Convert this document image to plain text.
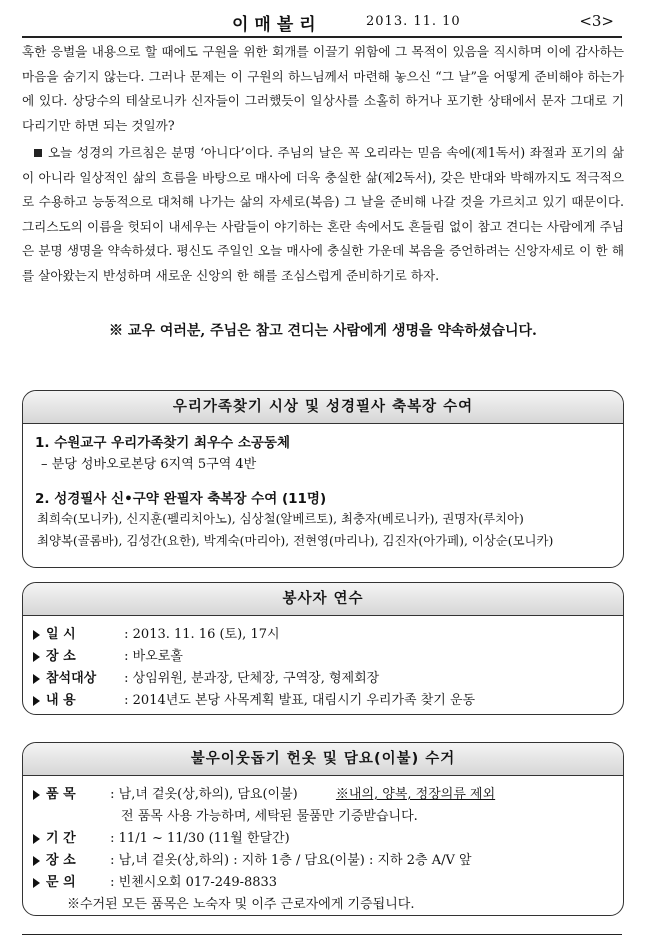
이매볼리	2013. 11. 10	<3>

혹한 응벌을 내용으로 할 때에도 구원을 위한 회개를 이끌기 위함에 그 목적이 있음을 직시하며 이에 감사하는 마음을 숨기지 않는다. 그러나 문제는 이 구원의 하느님께서 마련해 놓으신 “그 날”을 어떻게 준비해야 하는가에 있다. 상당수의 테살로니카 신자들이 그러했듯이 일상사를 소홀히 하거나 포기한 상태에서 문자 그대로 기다리기만 하면 되는 것일까?

오늘 성경의 가르침은 분명 ‘아니다’이다. 주님의 날은 꼭 오리라는 믿음 속에(제1독서) 좌절과 포기의 삶이 아니라 일상적인 삶의 흐름을 바탕으로 매사에 더욱 충실한 삶(제2독서), 갖은 반대와 박해까지도 적극적으로 수용하고 능동적으로 대처해 나가는 삶의 자세로(복음) 그 날을 준비해 나갈 것을 가르치고 있기 때문이다. 그리스도의 이름을 헛되이 내세우는 사람들이 야기하는 혼란 속에서도 흔들림 없이 참고 견디는 사람에게 주님은 분명 생명을 약속하셨다. 평신도 주일인 오늘 매사에 충실한 가운데 복음을 증언하려는 신앙자세로 이 한 해를 살아왔는지 반성하며 새로운 신앙의 한 해를 조심스럽게 준비하기로 하자.

※ 교우 여러분, 주님은 참고 견디는 사람에게 생명을 약속하셨습니다.
우리가족찾기 시상 및 성경필사 축복장 수여
1. 수원교구 우리가족찾기 최우수 소공동체
– 분당 성바오로본당 6지역 5구역 4반
2. 성경필사 신•구약 완필자 축복장 수여 (11명)
최희숙(모니카), 신지훈(펠리치아노), 심상철(알베르토), 최충자(베로니카), 권명자(루치아)
최양복(골롬바), 김성간(요한), 박계숙(마리아), 전현영(마리나), 김진자(아가페), 이상순(모니카)
봉사자 연수
일 시	: 2013. 11. 16 (토), 17시
장 소	: 바오로홀
참석대상 : 상임위원, 분과장, 단체장, 구역장, 형제회장
내 용	: 2014년도 본당 사목계획 발표, 대림시기 우리가족 찾기 운동
불우이웃돕기 헌옷 및 담요(이불) 수거
품 목 : 남,녀 겉옷(상,하의), 담요(이불)	※내의, 양복, 정장의류 제외
전 품목 사용 가능하며, 세탁된 물품만 기증받습니다.
기 간 : 11/1 ~ 11/30 (11월 한달간)
장 소 : 남,녀 겉옷(상,하의) : 지하 1층 / 담요(이불) : 지하 2층 A/V 앞
문 의 : 빈첸시오회 017-249-8833
※수거된 모든 품목은 노숙자 및 이주 근로자에게 기증됩니다.
